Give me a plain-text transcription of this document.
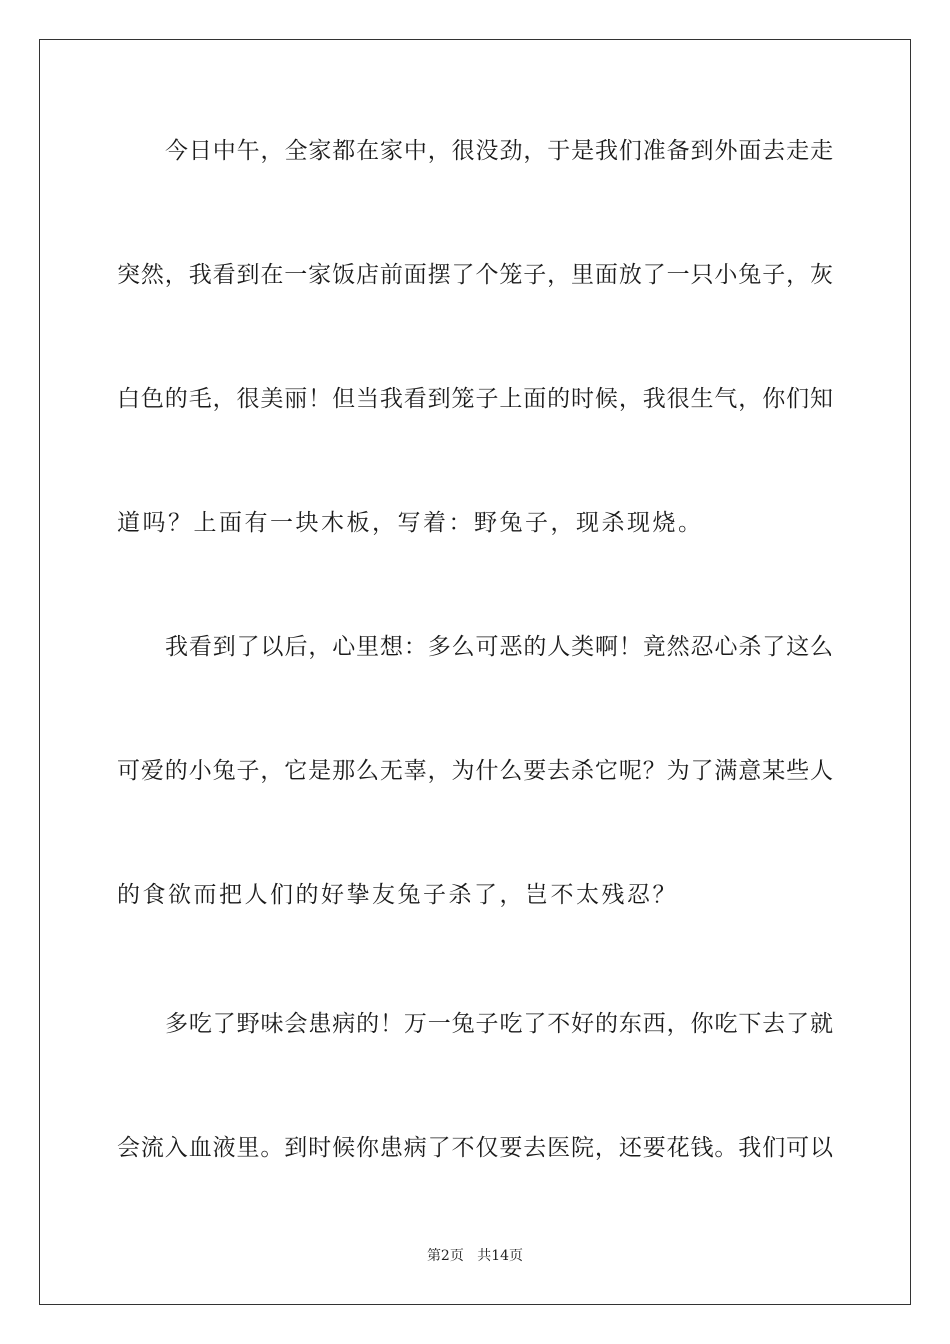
今日中午，全家都在家中，很没劲，于是我们准备到外面去走走
突然，我看到在一家饭店前面摆了个笼子，里面放了一只小兔子，灰
白色的毛，很美丽！但当我看到笼子上面的时候，我很生气，你们知
道吗？上面有一块木板，写着：野兔子，现杀现烧。
我看到了以后，心里想：多么可恶的人类啊！竟然忍心杀了这么
可爱的小兔子，它是那么无辜，为什么要去杀它呢？为了满意某些人
的食欲而把人们的好挚友兔子杀了，岂不太残忍？
多吃了野味会患病的！万一兔子吃了不好的东西，你吃下去了就
会流入血液里。到时候你患病了不仅要去医院，还要花钱。我们可以
第2页 共14页
